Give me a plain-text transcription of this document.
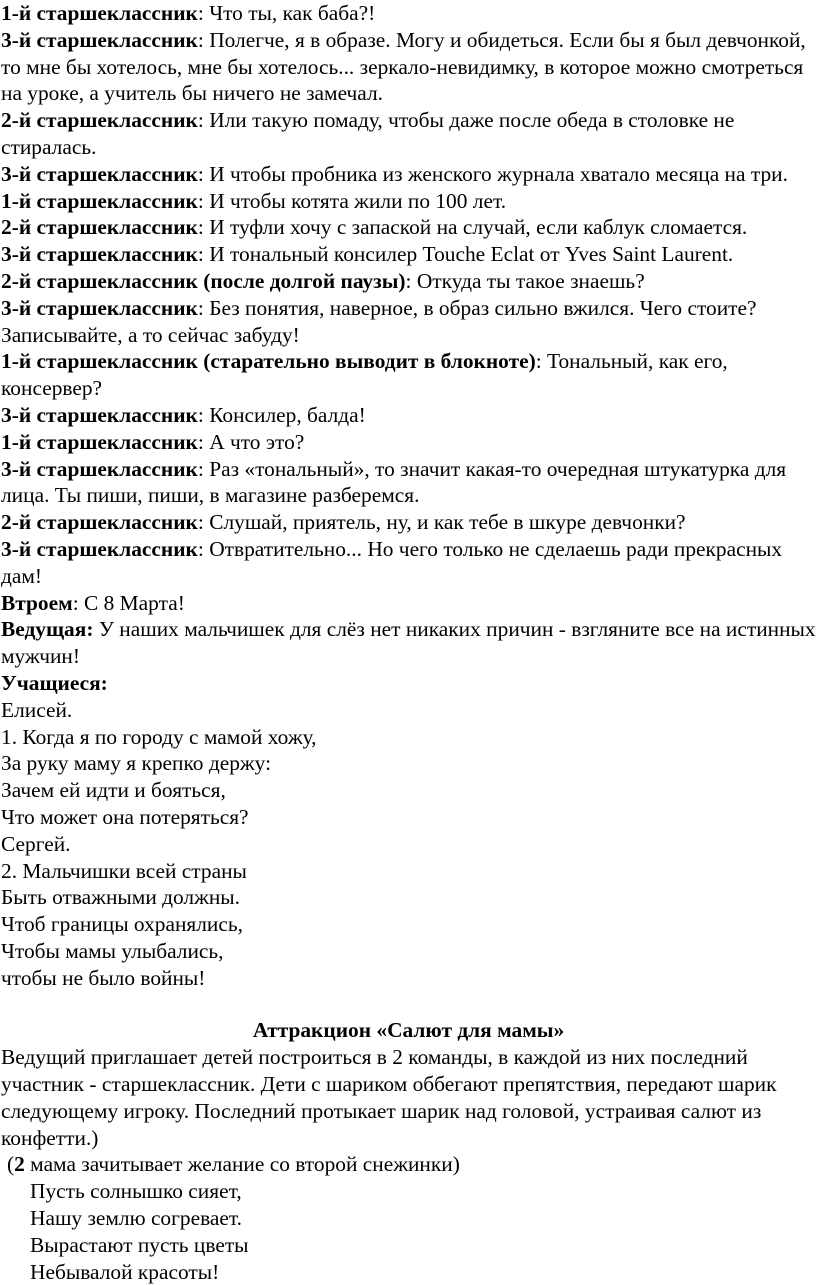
1-й старшеклассник: Что ты, как баба?!

3-й старшеклассник: Полегче, я в образе. Могу и обидеться. Если бы я был девчонкой, то мне бы хотелось, мне бы хотелось... зеркало-невидимку, в которое можно смотреться на уроке, а учитель бы ничего не замечал.

2-й старшеклассник: Или такую помаду, чтобы даже после обеда в столовке не стиралась.

3-й старшеклассник: И чтобы пробника из женского журнала хватало месяца на три.

1-й старшеклассник: И чтобы котята жили по 100 лет.

2-й старшеклассник: И туфли хочу с запаской на случай, если каблук сломается.

3-й старшеклассник: И тональный консилер Touche Eclat от Yves Saint Laurent.

2-й старшеклассник (после долгой паузы): Откуда ты такое знаешь?

3-й старшеклассник: Без понятия, наверное, в образ сильно вжился. Чего стоите? Записывайте, а то сейчас забуду!

1-й старшеклассник (старательно выводит в блокноте): Тональный, как его, консервер?

3-й старшеклассник: Консилер, балда!

1-й старшеклассник: А что это?

3-й старшеклассник: Раз «тональный», то значит какая-то очередная штукатурка для лица. Ты пиши, пиши, в магазине разберемся.

2-й старшеклассник: Слушай, приятель, ну, и как тебе в шкуре девчонки?

3-й старшеклассник: Отвратительно... Но чего только не сделаешь ради прекрасных дам!

Втроем: С 8 Марта!

Ведущая: У наших мальчишек для слёз нет никаких причин - взгляните все на истинных мужчин!

Учащиеся:

Елисей.

1. Когда я по городу с мамой хожу,

За руку маму я крепко держу:

Зачем ей идти и бояться,

Что может она потеряться?

Сергей.

2. Мальчишки всей страны

Быть отважными должны.

Чтоб границы охранялись,

Чтобы мамы улыбались,

чтобы не было войны!

Аттракцион «Салют для мамы»

Ведущий приглашает детей построиться в 2 команды, в каждой из них последний участник - старшеклассник. Дети с шариком оббегают препятствия, передают шарик следующему игроку. Последний протыкает шарик над головой, устраивая салют из конфетти.)

(2 мама зачитывает желание со второй снежинки)

Пусть солнышко сияет,

Нашу землю согревает.

Вырастают пусть цветы

Небывалой красоты!
